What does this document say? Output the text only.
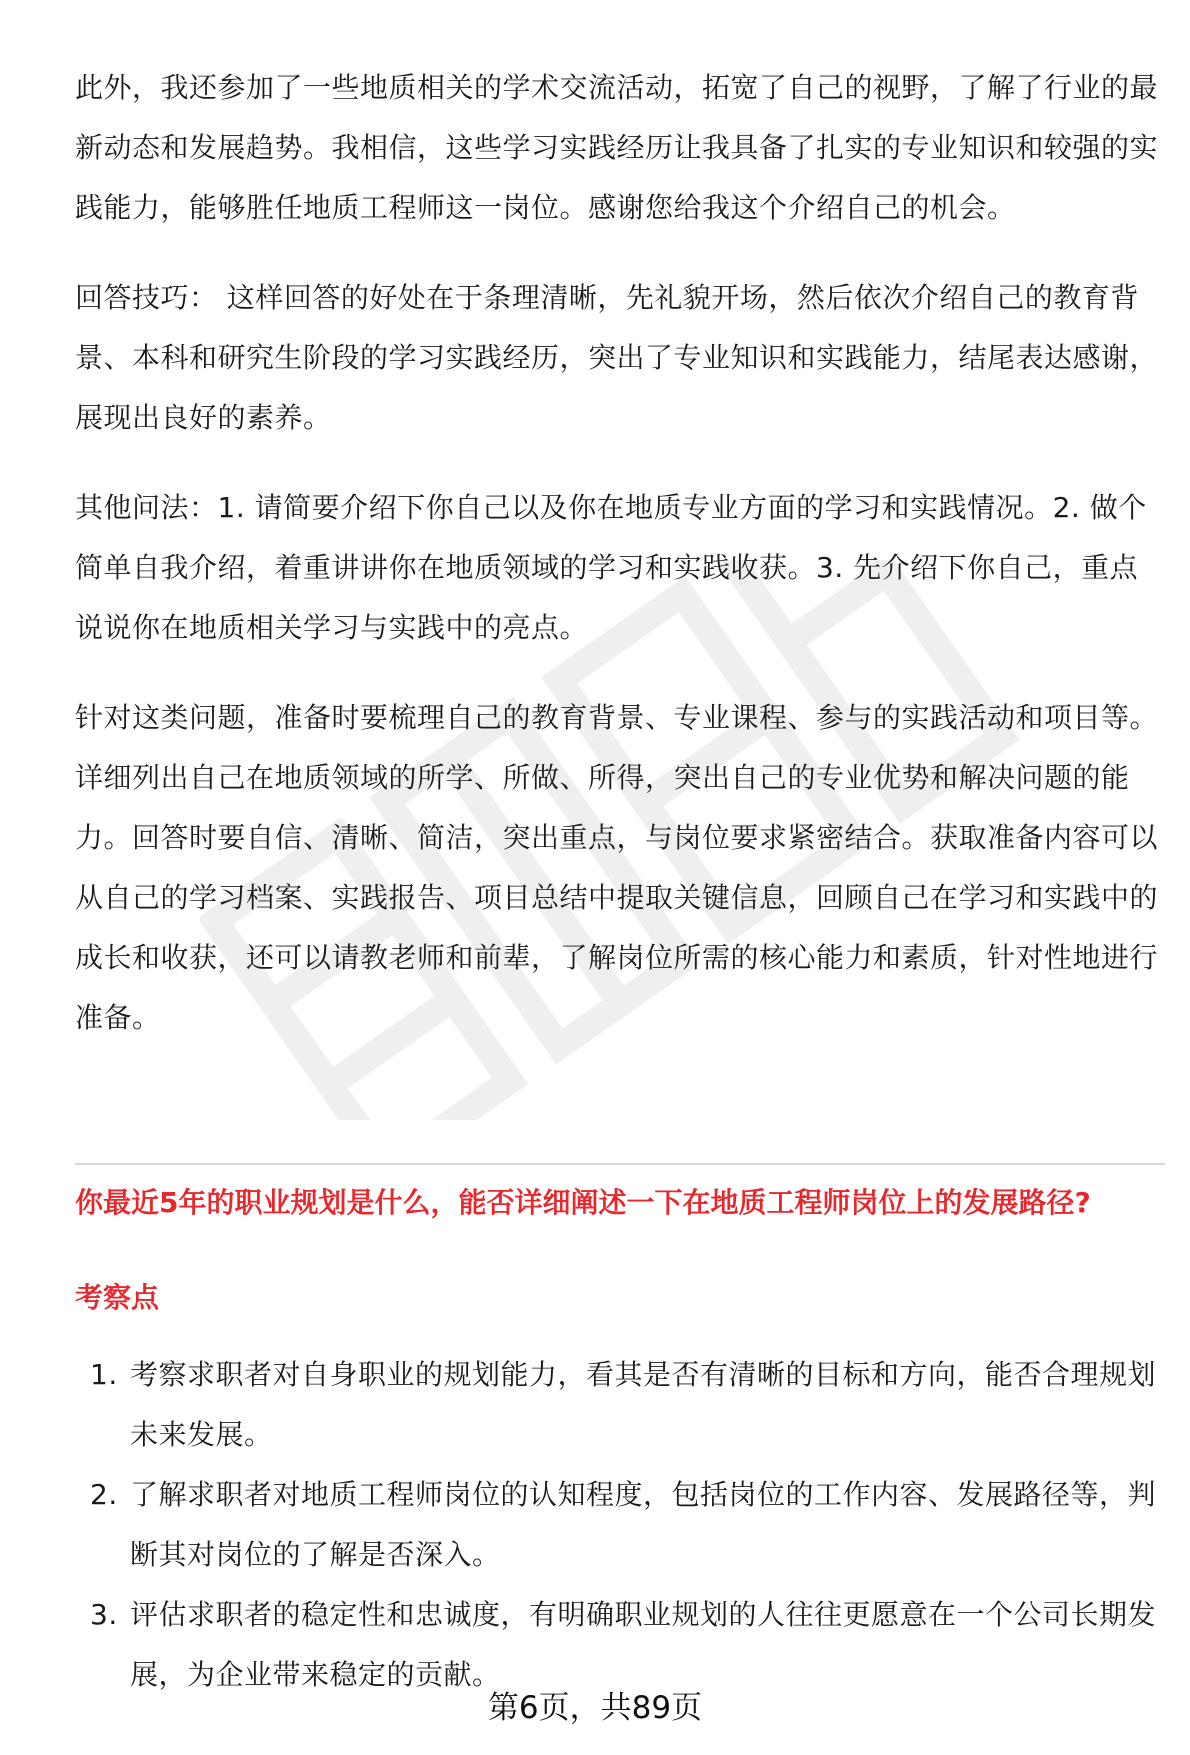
此外，我还参加了一些地质相关的学术交流活动，拓宽了自己的视野，了解了行业的最新动态和发展趋势。我相信，这些学习实践经历让我具备了扎实的专业知识和较强的实践能力，能够胜任地质工程师这一岗位。感谢您给我这个介绍自己的机会。

回答技巧： 这样回答的好处在于条理清晰，先礼貌开场，然后依次介绍自己的教育背景、本科和研究生阶段的学习实践经历，突出了专业知识和实践能力，结尾表达感谢，展现出良好的素养。

其他问法：1. 请简要介绍下你自己以及你在地质专业方面的学习和实践情况。2. 做个简单自我介绍，着重讲讲你在地质领域的学习和实践收获。3. 先介绍下你自己，重点说说你在地质相关学习与实践中的亮点。

针对这类问题，准备时要梳理自己的教育背景、专业课程、参与的实践活动和项目等。详细列出自己在地质领域的所学、所做、所得，突出自己的专业优势和解决问题的能力。回答时要自信、清晰、简洁，突出重点，与岗位要求紧密结合。获取准备内容可以从自己的学习档案、实践报告、项目总结中提取关键信息，回顾自己在学习和实践中的成长和收获，还可以请教老师和前辈，了解岗位所需的核心能力和素质，针对性地进行准备。

你最近5年的职业规划是什么，能否详细阐述一下在地质工程师岗位上的发展路径?

考察点
1. 考察求职者对自身职业的规划能力，看其是否有清晰的目标和方向，能否合理规划未来发展。
2. 了解求职者对地质工程师岗位的认知程度，包括岗位的工作内容、发展路径等，判断其对岗位的了解是否深入。
3. 评估求职者的稳定性和忠诚度，有明确职业规划的人往往更愿意在一个公司长期发展，为企业带来稳定的贡献。
第6页，共89页
